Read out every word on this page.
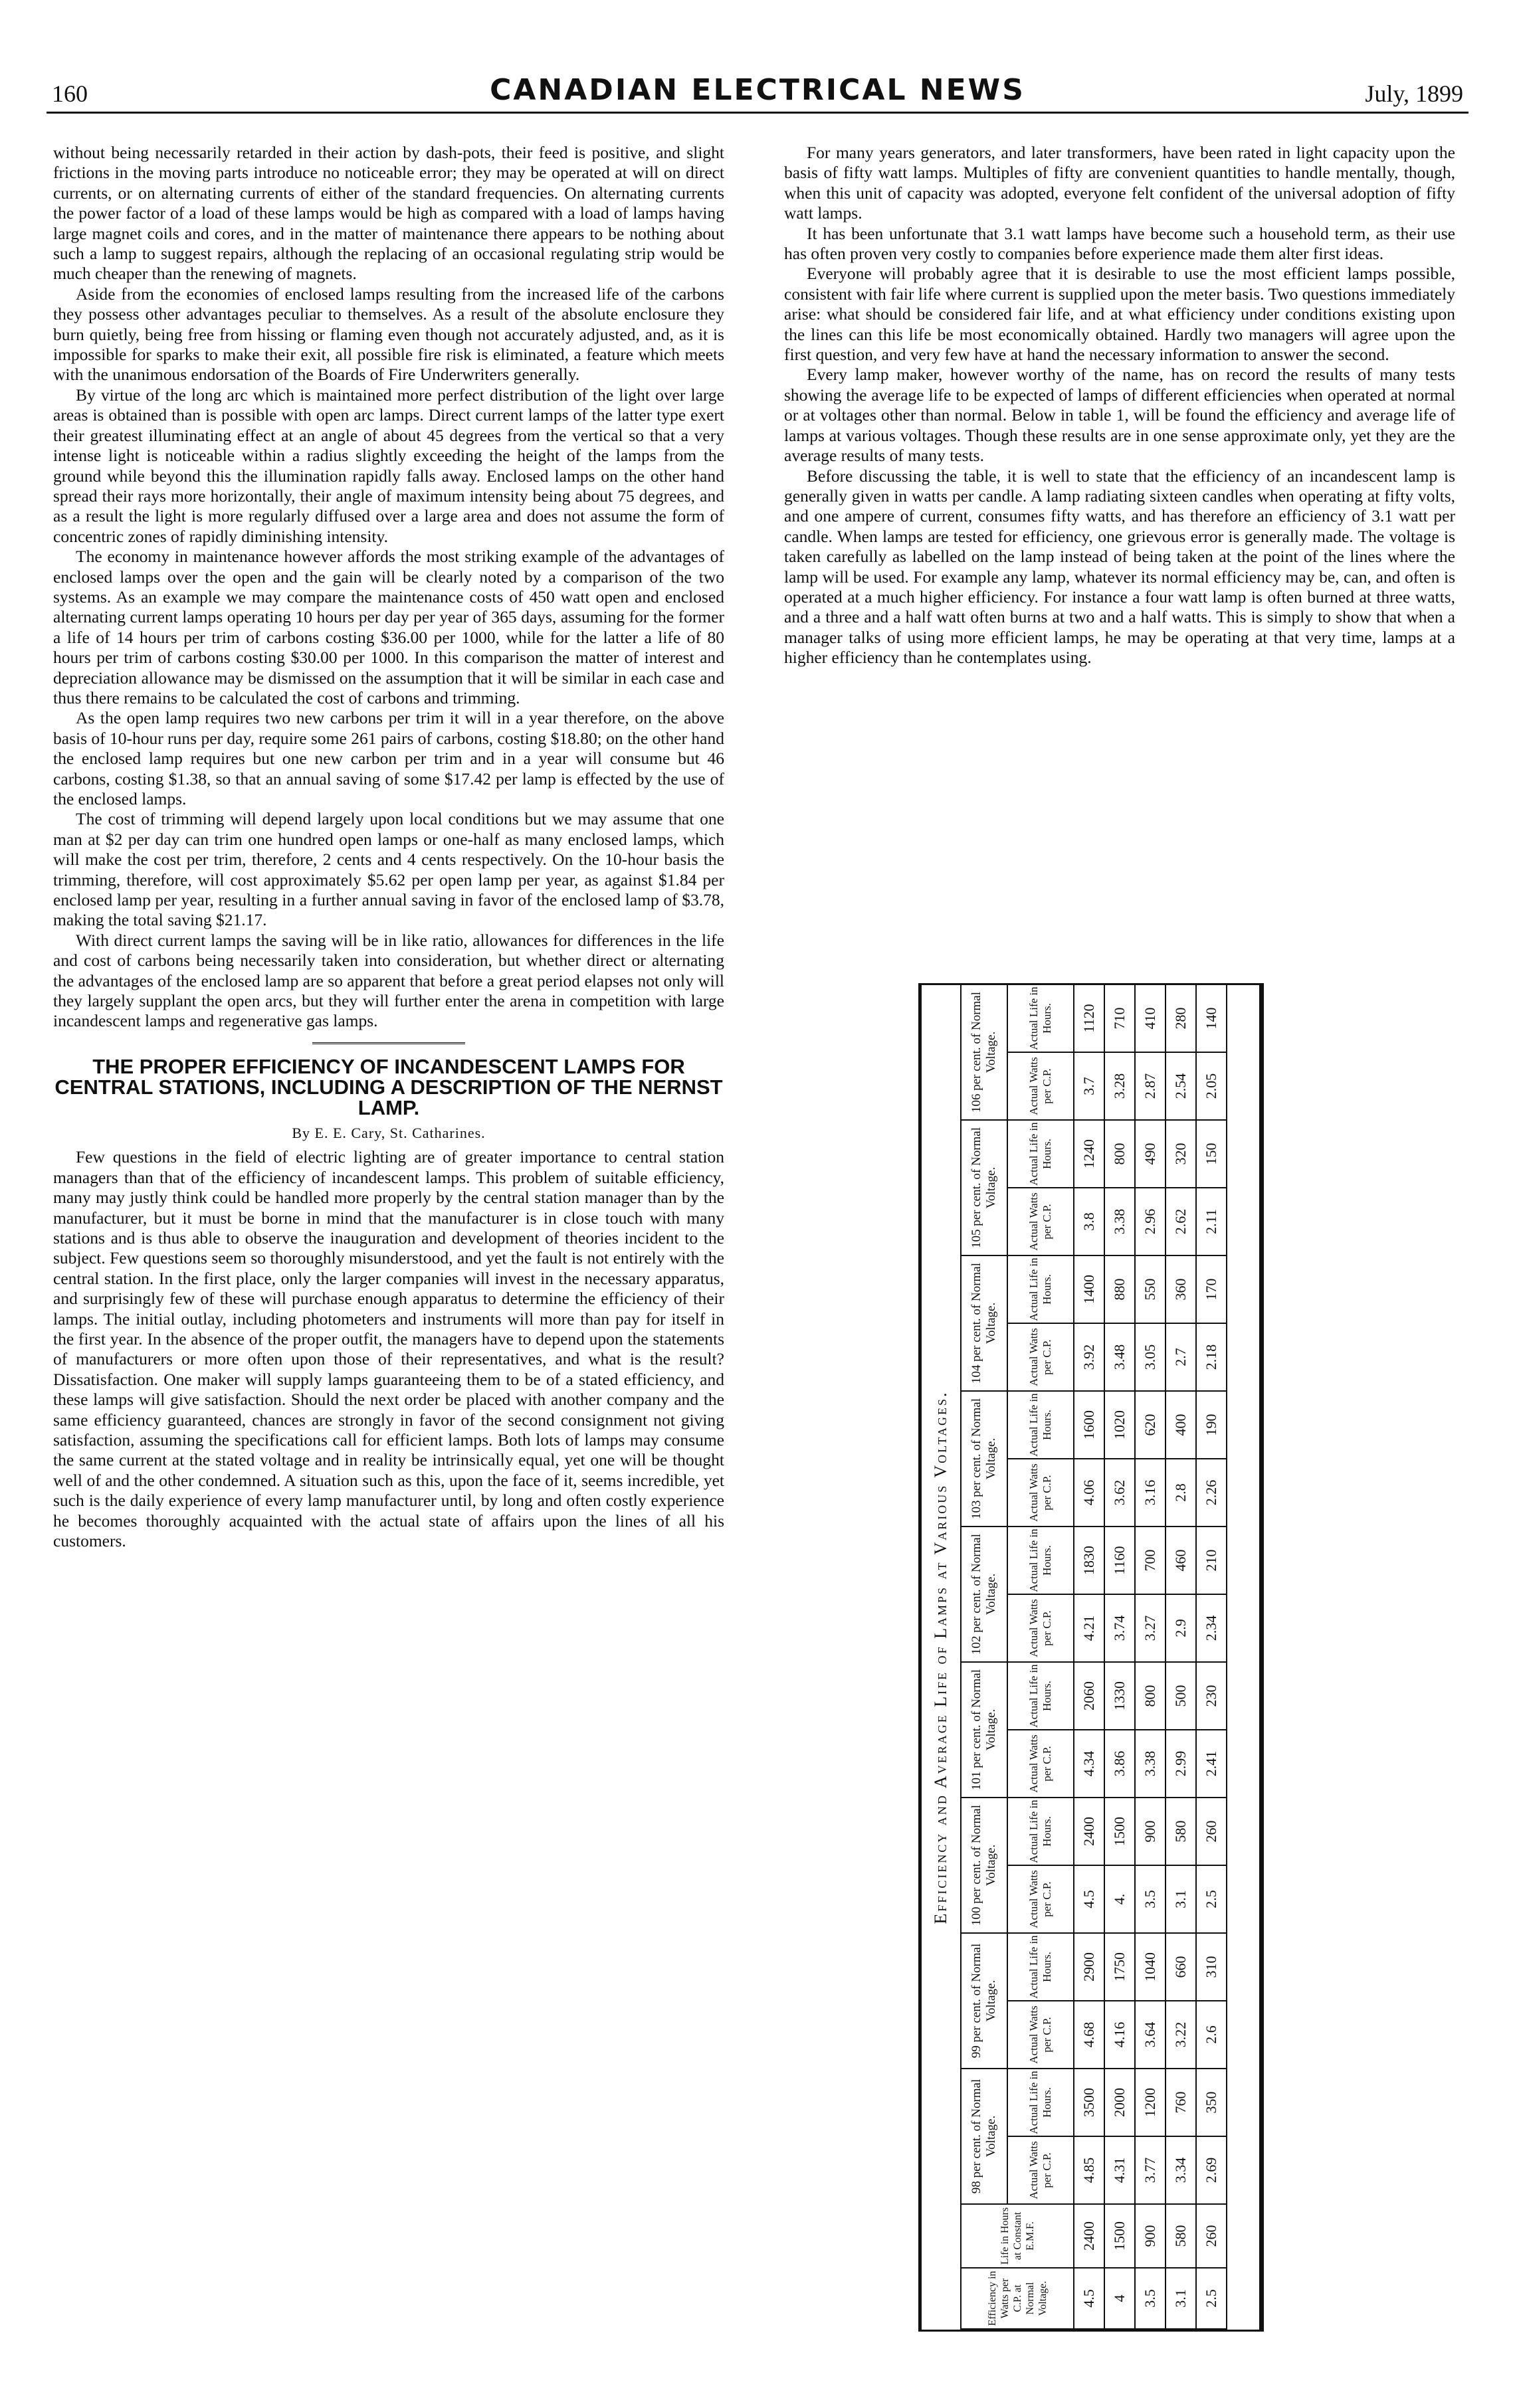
160	CANADIAN ELECTRICAL NEWS	July, 1899

without being necessarily retarded in their action by dash-pots, their feed is positive, and slight frictions in the moving parts introduce no noticeable error; they may be operated at will on direct currents, or on alternating currents of either of the standard frequencies. On alternating currents the power factor of a load of these lamps would be high as compared with a load of lamps having large magnet coils and cores, and in the matter of maintenance there appears to be nothing about such a lamp to suggest repairs, although the replacing of an occasional regulating strip would be much cheaper than the renewing of magnets.

Aside from the economies of enclosed lamps resulting from the increased life of the carbons they possess other advantages peculiar to themselves. As a result of the absolute enclosure they burn quietly, being free from hissing or flaming even though not accurately adjusted, and, as it is impossible for sparks to make their exit, all possible fire risk is eliminated, a feature which meets with the unanimous endorsation of the Boards of Fire Underwriters generally.

By virtue of the long arc which is maintained more perfect distribution of the light over large areas is obtained than is possible with open arc lamps. Direct current lamps of the latter type exert their greatest illuminating effect at an angle of about 45 degrees from the vertical so that a very intense light is noticeable within a radius slightly exceeding the height of the lamps from the ground while beyond this the illumination rapidly falls away. Enclosed lamps on the other hand spread their rays more horizontally, their angle of maximum intensity being about 75 degrees, and as a result the light is more regularly diffused over a large area and does not assume the form of concentric zones of rapidly diminishing intensity.

The economy in maintenance however affords the most striking example of the advantages of enclosed lamps over the open and the gain will be clearly noted by a comparison of the two systems. As an example we may compare the maintenance costs of 450 watt open and enclosed alternating current lamps operating 10 hours per day per year of 365 days, assuming for the former a life of 14 hours per trim of carbons costing $36.00 per 1000, while for the latter a life of 80 hours per trim of carbons costing $30.00 per 1000. In this comparison the matter of interest and depreciation allowance may be dismissed on the assumption that it will be similar in each case and thus there remains to be calculated the cost of carbons and trimming.

As the open lamp requires two new carbons per trim it will in a year therefore, on the above basis of 10-hour runs per day, require some 261 pairs of carbons, costing $18.80; on the other hand the enclosed lamp requires but one new carbon per trim and in a year will consume but 46 carbons, costing $1.38, so that an annual saving of some $17.42 per lamp is effected by the use of the enclosed lamps.

The cost of trimming will depend largely upon local conditions but we may assume that one man at $2 per day can trim one hundred open lamps or one-half as many enclosed lamps, which will make the cost per trim, therefore, 2 cents and 4 cents respectively. On the 10-hour basis the trimming, therefore, will cost approximately $5.62 per open lamp per year, as against $1.84 per enclosed lamp per year, resulting in a further annual saving in favor of the enclosed lamp of $3.78, making the total saving $21.17.

With direct current lamps the saving will be in like ratio, allowances for differences in the life and cost of carbons being necessarily taken into consideration, but whether direct or alternating the advantages of the enclosed lamp are so apparent that before a great period elapses not only will they largely supplant the open arcs, but they will further enter the arena in competition with large incandescent lamps and regenerative gas lamps.

THE PROPER EFFICIENCY OF INCANDESCENT LAMPS FOR CENTRAL STATIONS, INCLUDING A DESCRIPTION OF THE NERNST LAMP.
By E. E. Cary, St. Catharines.

Few questions in the field of electric lighting are of greater importance to central station managers than that of the efficiency of incandescent lamps. This problem of suitable efficiency, many may justly think could be handled more properly by the central station manager than by the manufacturer, but it must be borne in mind that the manufacturer is in close touch with many stations and is thus able to observe the inauguration and development of theories incident to the subject. Few questions seem so thoroughly misunderstood, and yet the fault is not entirely with the central station. In the first place, only the larger companies will invest in the necessary apparatus, and surprisingly few of these will purchase enough apparatus to determine the efficiency of their lamps. The initial outlay, including photometers and instruments will more than pay for itself in the first year. In the absence of the proper outfit, the managers have to depend upon the statements of manufacturers or more often upon those of their representatives, and what is the result? Dissatisfaction. One maker will supply lamps guaranteeing them to be of a stated efficiency, and these lamps will give satisfaction. Should the next order be placed with another company and the same efficiency guaranteed, chances are strongly in favor of the second consignment not giving satisfaction, assuming the specifications call for efficient lamps. Both lots of lamps may consume the same current at the stated voltage and in reality be intrinsically equal, yet one will be thought well of and the other condemned. A situation such as this, upon the face of it, seems incredible, yet such is the daily experience of every lamp manufacturer until, by long and often costly experience he becomes thoroughly acquainted with the actual state of affairs upon the lines of all his customers.

For many years generators, and later transformers, have been rated in light capacity upon the basis of fifty watt lamps. Multiples of fifty are convenient quantities to handle mentally, though, when this unit of capacity was adopted, everyone felt confident of the universal adoption of fifty watt lamps.

It has been unfortunate that 3.1 watt lamps have become such a household term, as their use has often proven very costly to companies before experience made them alter first ideas.

Everyone will probably agree that it is desirable to use the most efficient lamps possible, consistent with fair life where current is supplied upon the meter basis. Two questions immediately arise: what should be considered fair life, and at what efficiency under conditions existing upon the lines can this life be most economically obtained. Hardly two managers will agree upon the first question, and very few have at hand the necessary information to answer the second.

Every lamp maker, however worthy of the name, has on record the results of many tests showing the average life to be expected of lamps of different efficiencies when operated at normal or at voltages other than normal. Below in table 1, will be found the efficiency and average life of lamps at various voltages. Though these results are in one sense approximate only, yet they are the average results of many tests.

Before discussing the table, it is well to state that the efficiency of an incandescent lamp is generally given in watts per candle. A lamp radiating sixteen candles when operating at fifty volts, and one ampere of current, consumes fifty watts, and has therefore an efficiency of 3.1 watt per candle. When lamps are tested for efficiency, one grievous error is generally made. The voltage is taken carefully as labelled on the lamp instead of being taken at the point of the lines where the lamp will be used. For example any lamp, whatever its normal efficiency may be, can, and often is operated at a much higher efficiency. For instance a four watt lamp is often burned at three watts, and a three and a half watt often burns at two and a half watts. This is simply to show that when a manager talks of using more efficient lamps, he may be operating at that very time, lamps at a higher efficiency than he contemplates using.

Efficiency and Average Life of Lamps at Various Voltages.
Efficiency in Watts per C.P. at Normal Voltage.	Life in Hours at Constant E.M.F.	98 per cent. of Normal Voltage.		99 per cent. of Normal Voltage.		100 per cent. of Normal Voltage.		101 per cent. of Normal Voltage.		102 per cent. of Normal Voltage.		103 per cent. of Normal Voltage.		104 per cent. of Normal Voltage.		105 per cent. of Normal Voltage.		106 per cent. of Normal Voltage.	
		Actual Watts per C.P.	Actual Life in Hours.	Actual Watts per C.P.	Actual Life in Hours.	Actual Watts per C.P.	Actual Life in Hours.	Actual Watts per C.P.	Actual Life in Hours.	Actual Watts per C.P.	Actual Life in Hours.	Actual Watts per C.P.	Actual Life in Hours.	Actual Watts per C.P.	Actual Life in Hours.	Actual Watts per C.P.	Actual Life in Hours.	Actual Watts per C.P.	Actual Life in Hours.
4.5	2400	4.85	3500	4.68	2900	4.5	2400	4.34	2060	4.21	1830	4.06	1600	3.92	1400	3.8	1240	3.7	1120
4	1500	4.31	2000	4.16	1750	4.	1500	3.86	1330	3.74	1160	3.62	1020	3.48	880	3.38	800	3.28	710
3.5	900	3.77	1200	3.64	1040	3.5	900	3.38	800	3.27	700	3.16	620	3.05	550	2.96	490	2.87	410
3.1	580	3.34	760	3.22	660	3.1	580	2.99	500	2.9	460	2.8	400	2.7	360	2.62	320	2.54	280
2.5	260	2.69	350	2.6	310	2.5	260	2.41	230	2.34	210	2.26	190	2.18	170	2.11	150	2.05	140
